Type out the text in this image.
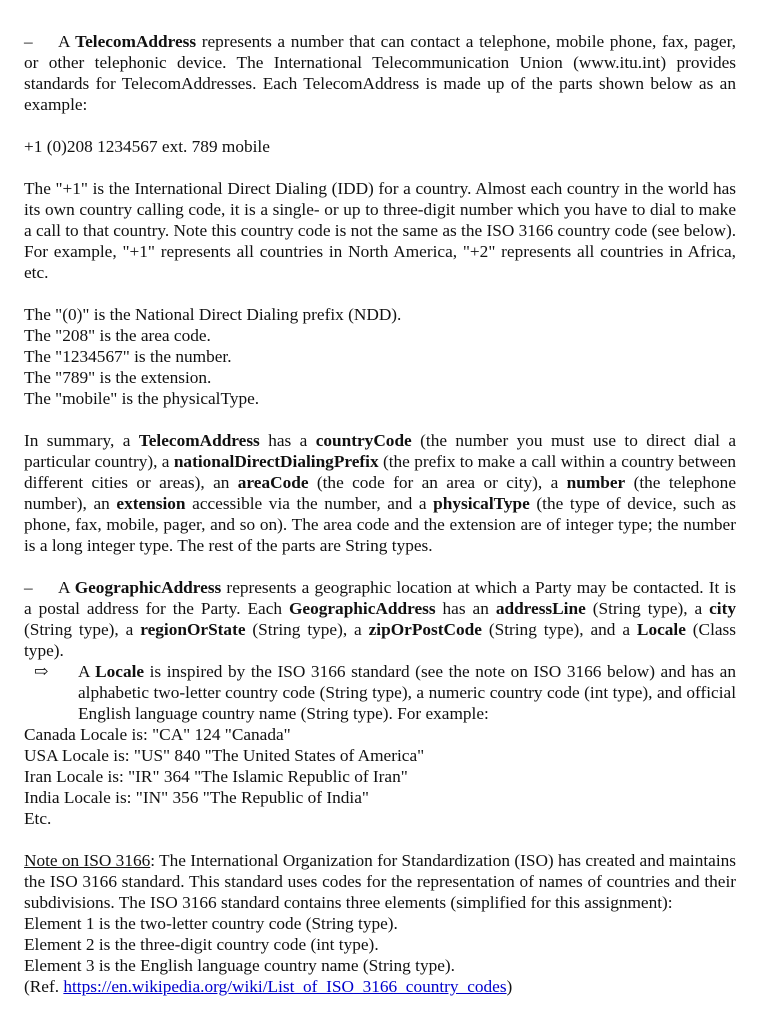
– A TelecomAddress represents a number that can contact a telephone, mobile phone, fax, pager, or other telephonic device. The International Telecommunication Union (www.itu.int) provides standards for TelecomAddresses. Each TelecomAddress is made up of the parts shown below as an example:

+1 (0)208 1234567 ext. 789 mobile

The "+1" is the International Direct Dialing (IDD) for a country. Almost each country in the world has its own country calling code, it is a single- or up to three-digit number which you have to dial to make a call to that country. Note this country code is not the same as the ISO 3166 country code (see below). For example, "+1" represents all countries in North America, "+2" represents all countries in Africa, etc.

The "(0)" is the National Direct Dialing prefix (NDD).

The "208" is the area code.

The "1234567" is the number.

The "789" is the extension.

The "mobile" is the physicalType.

In summary, a TelecomAddress has a countryCode (the number you must use to direct dial a particular country), a nationalDirectDialingPrefix (the prefix to make a call within a country between different cities or areas), an areaCode (the code for an area or city), a number (the telephone number), an extension accessible via the number, and a physicalType (the type of device, such as phone, fax, mobile, pager, and so on). The area code and the extension are of integer type; the number is a long integer type. The rest of the parts are String types.

– A GeographicAddress represents a geographic location at which a Party may be contacted. It is a postal address for the Party. Each GeographicAddress has an addressLine (String type), a city (String type), a regionOrState (String type), a zipOrPostCode (String type), and a Locale (Class type).

⇨ A Locale is inspired by the ISO 3166 standard (see the note on ISO 3166 below) and has an alphabetic two-letter country code (String type), a numeric country code (int type), and official English language country name (String type). For example:

Canada Locale is: "CA" 124 "Canada"

USA Locale is: "US" 840 "The United States of America"

Iran Locale is: "IR" 364 "The Islamic Republic of Iran"

India Locale is: "IN" 356 "The Republic of India"

Etc.

Note on ISO 3166: The International Organization for Standardization (ISO) has created and maintains the ISO 3166 standard. This standard uses codes for the representation of names of countries and their subdivisions. The ISO 3166 standard contains three elements (simplified for this assignment):

Element 1 is the two-letter country code (String type).

Element 2 is the three-digit country code (int type).

Element 3 is the English language country name (String type).

(Ref. https://en.wikipedia.org/wiki/List_of_ISO_3166_country_codes)
